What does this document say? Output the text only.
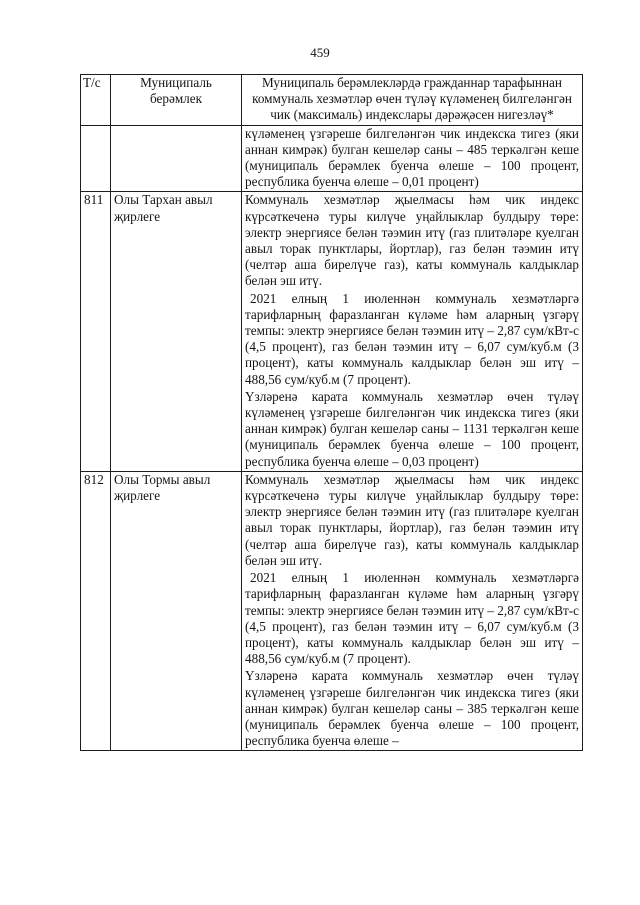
459
Т/с	Муниципаль берәмлек	Муниципаль берәмлекләрдә гражданнар тарафыннан коммуналь хезмәтләр өчен түләү күләменең билгеләнгән чик (максималь) индекслары дәрәҗәсен нигезләү*
		күләменең үзгәреше билгеләнгән чик индекска тигез (яки аннан кимрәк) булган кешеләр саны – 485 теркәлгән кеше (муниципаль берәмлек буенча өлеше – 100 процент, республика буенча өлеше – 0,01 процент)
811	Олы Тархан авыл җирлеге	Коммуналь хезмәтләр җыелмасы һәм чик индекс күрсәткеченә туры килүче уңайлыклар булдыру төре: электр энергиясе белән тәэмин итү (газ плитәләре куелган авыл торак пунктлары, йортлар), газ белән тәэмин итү (челтәр аша бирелүче газ), каты коммуналь калдыклар белән эш итү.
2021 елның 1 июленнән коммуналь хезмәтләргә тарифларның фаразланган күләме һәм аларның үзгәрү темпы: электр энергиясе белән тәэмин итү – 2,87 сум/кВт-с (4,5 процент), газ белән тәэмин итү – 6,07 сум/куб.м (3 процент), каты коммуналь калдыклар белән эш итү – 488,56 сум/куб.м (7 процент).
Үзләренә карата коммуналь хезмәтләр өчен түләү күләменең үзгәреше билгеләнгән чик индекска тигез (яки аннан кимрәк) булган кешеләр саны – 1131 теркәлгән кеше (муниципаль берәмлек буенча өлеше – 100 процент, республика буенча өлеше – 0,03 процент)

812	Олы Тормы авыл җирлеге	Коммуналь хезмәтләр җыелмасы һәм чик индекс күрсәткеченә туры килүче уңайлыклар булдыру төре: электр энергиясе белән тәэмин итү (газ плитәләре куелган авыл торак пунктлары, йортлар), газ белән тәэмин итү (челтәр аша бирелүче газ), каты коммуналь калдыклар белән эш итү.
2021 елның 1 июленнән коммуналь хезмәтләргә тарифларның фаразланган күләме һәм аларның үзгәрү темпы: электр энергиясе белән тәэмин итү – 2,87 сум/кВт-с (4,5 процент), газ белән тәэмин итү – 6,07 сум/куб.м (3 процент), каты коммуналь калдыклар белән эш итү – 488,56 сум/куб.м (7 процент).
Үзләренә карата коммуналь хезмәтләр өчен түләү күләменең үзгәреше билгеләнгән чик индекска тигез (яки аннан кимрәк) булган кешеләр саны – 385 теркәлгән кеше (муниципаль берәмлек буенча өлеше – 100 процент, республика буенча өлеше –
